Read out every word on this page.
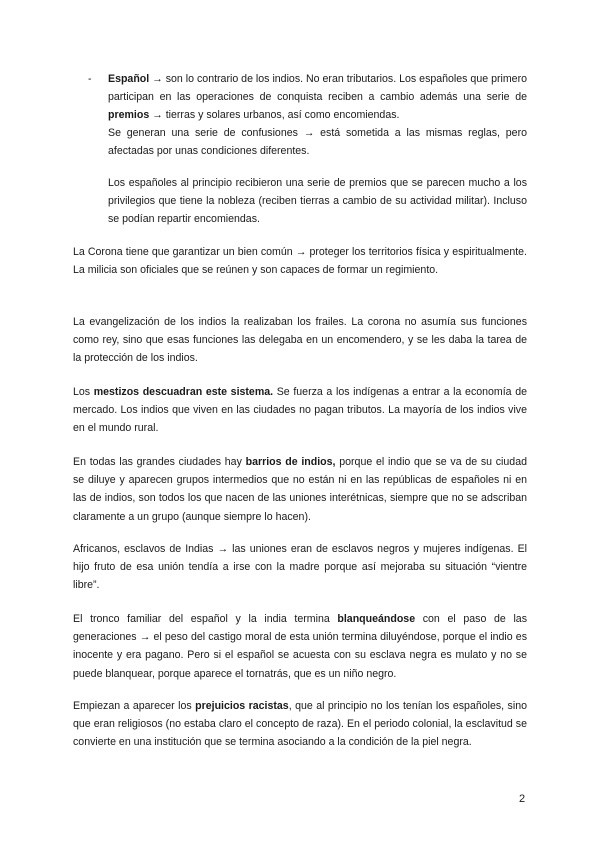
- Español → son lo contrario de los indios. No eran tributarios. Los españoles que primero participan en las operaciones de conquista reciben a cambio además una serie de premios → tierras y solares urbanos, así como encomiendas.

Se generan una serie de confusiones → está sometida a las mismas reglas, pero afectadas por unas condiciones diferentes.

Los españoles al principio recibieron una serie de premios que se parecen mucho a los privilegios que tiene la nobleza (reciben tierras a cambio de su actividad militar). Incluso se podían repartir encomiendas.

La Corona tiene que garantizar un bien común → proteger los territorios física y espiritualmente. La milicia son oficiales que se reúnen y son capaces de formar un regimiento.

La evangelización de los indios la realizaban los frailes. La corona no asumía sus funciones como rey, sino que esas funciones las delegaba en un encomendero, y se les daba la tarea de la protección de los indios.

Los mestizos descuadran este sistema. Se fuerza a los indígenas a entrar a la economía de mercado. Los indios que viven en las ciudades no pagan tributos. La mayoría de los indios vive en el mundo rural.

En todas las grandes ciudades hay barrios de indios, porque el indio que se va de su ciudad se diluye y aparecen grupos intermedios que no están ni en las repúblicas de españoles ni en las de indios, son todos los que nacen de las uniones interétnicas, siempre que no se adscriban claramente a un grupo (aunque siempre lo hacen).

Africanos, esclavos de Indias → las uniones eran de esclavos negros y mujeres indígenas. El hijo fruto de esa unión tendía a irse con la madre porque así mejoraba su situación “vientre libre”.

El tronco familiar del español y la india termina blanqueándose con el paso de las generaciones → el peso del castigo moral de esta unión termina diluyéndose, porque el indio es inocente y era pagano. Pero si el español se acuesta con su esclava negra es mulato y no se puede blanquear, porque aparece el tornatrás, que es un niño negro.

Empiezan a aparecer los prejuicios racistas, que al principio no los tenían los españoles, sino que eran religiosos (no estaba claro el concepto de raza). En el periodo colonial, la esclavitud se convierte en una institución que se termina asociando a la condición de la piel negra.

2
